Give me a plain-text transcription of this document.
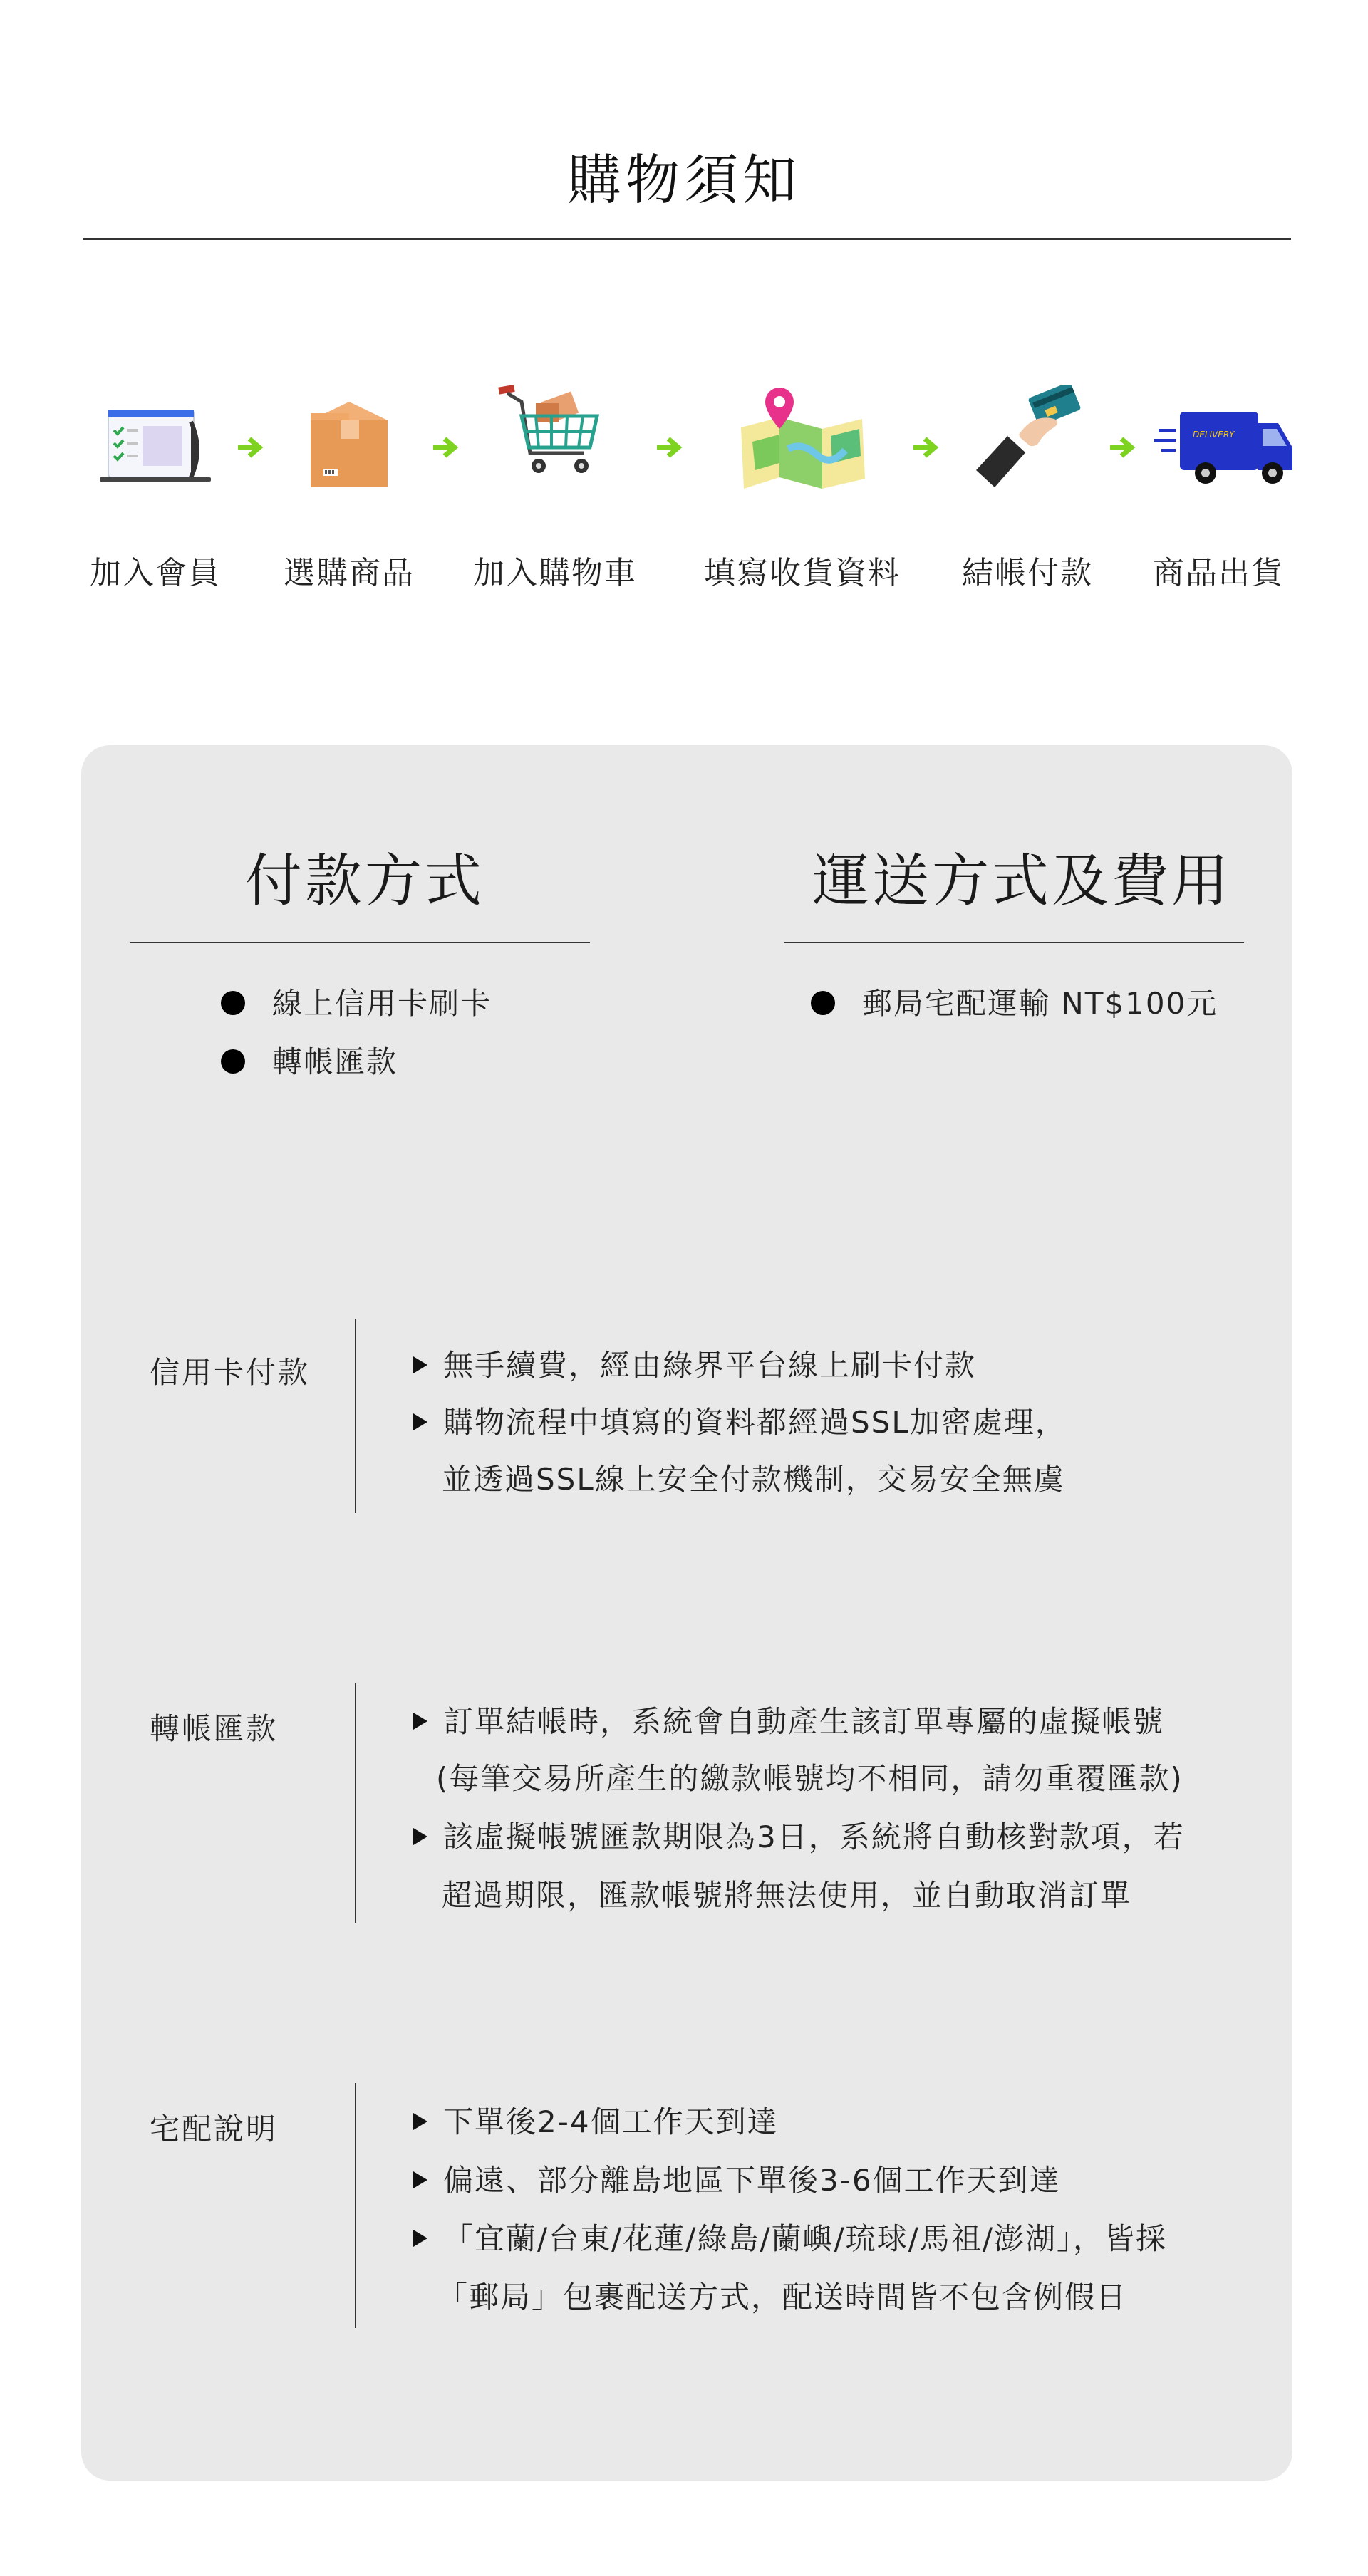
購物須知
DELIVERY
加入會員 選購商品 加入購物車 填寫收貨資料 結帳付款 商品出貨
付款方式	運送方式及費用
線上信用卡刷卡
轉帳匯款
郵局宅配運輸 NT$100元
信用卡付款	無手續費，經由綠界平台線上刷卡付款
購物流程中填寫的資料都經過SSL加密處理，
並透過SSL線上安全付款機制，交易安全無虞
轉帳匯款	訂單結帳時，系統會自動產生該訂單專屬的虛擬帳號
(每筆交易所產生的繳款帳號均不相同，請勿重覆匯款)
該虛擬帳號匯款期限為3日，系統將自動核對款項，若
超過期限，匯款帳號將無法使用，並自動取消訂單
宅配說明	下單後2-4個工作天到達
偏遠、部分離島地區下單後3-6個工作天到達
「宜蘭/台東/花蓮/綠島/蘭嶼/琉球/馬祖/澎湖」，皆採
「郵局」包裹配送方式，配送時間皆不包含例假日
